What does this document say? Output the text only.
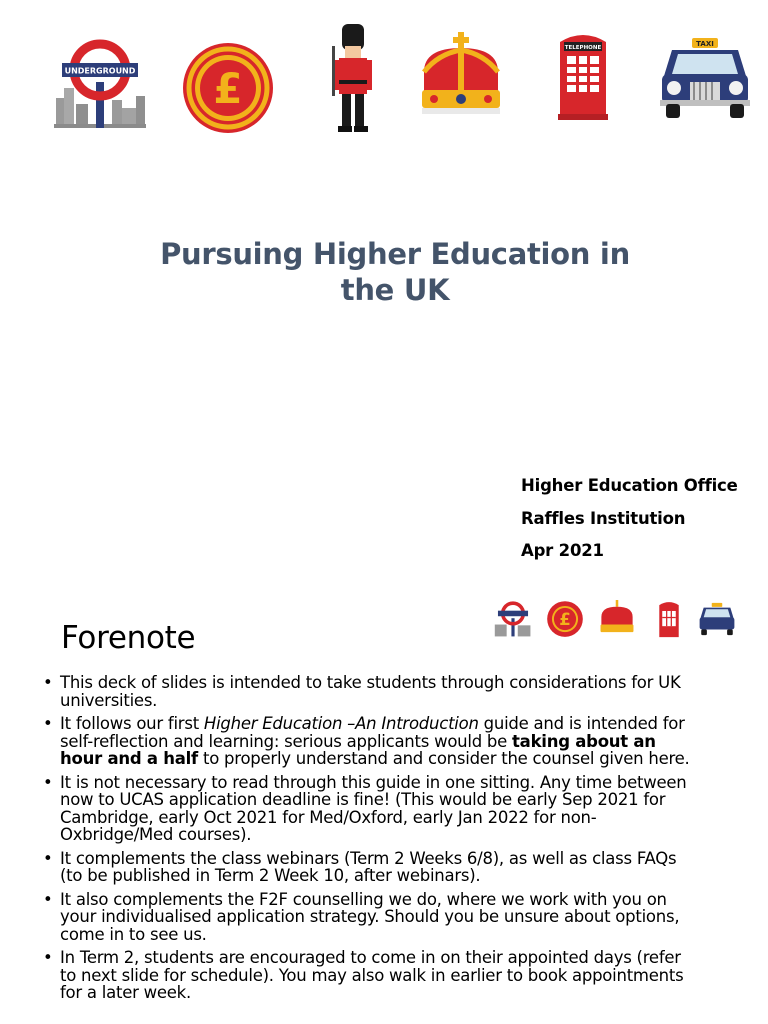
UNDERGROUND £
TELEPHONE	TAXI
Pursuing Higher Education in
the UK
Higher Education Office
Raffles Institution
Apr 2021
£
Forenote
• This deck of slides is intended to take students through considerations for UK universities.
• It follows our first Higher Education –An Introduction guide and is intended for self-reflection and learning: serious applicants would be taking about an hour and a half to properly understand and consider the counsel given here.
• It is not necessary to read through this guide in one sitting. Any time between now to UCAS application deadline is fine! (This would be early Sep 2021 for Cambridge, early Oct 2021 for Med/Oxford, early Jan 2022 for non-Oxbridge/Med courses).
• It complements the class webinars (Term 2 Weeks 6/8), as well as class FAQs (to be published in Term 2 Week 10, after webinars).
• It also complements the F2F counselling we do, where we work with you on your individualised application strategy. Should you be unsure about options, come in to see us.
• In Term 2, students are encouraged to come in on their appointed days (refer to next slide for schedule). You may also walk in earlier to book appointments for a later week.
